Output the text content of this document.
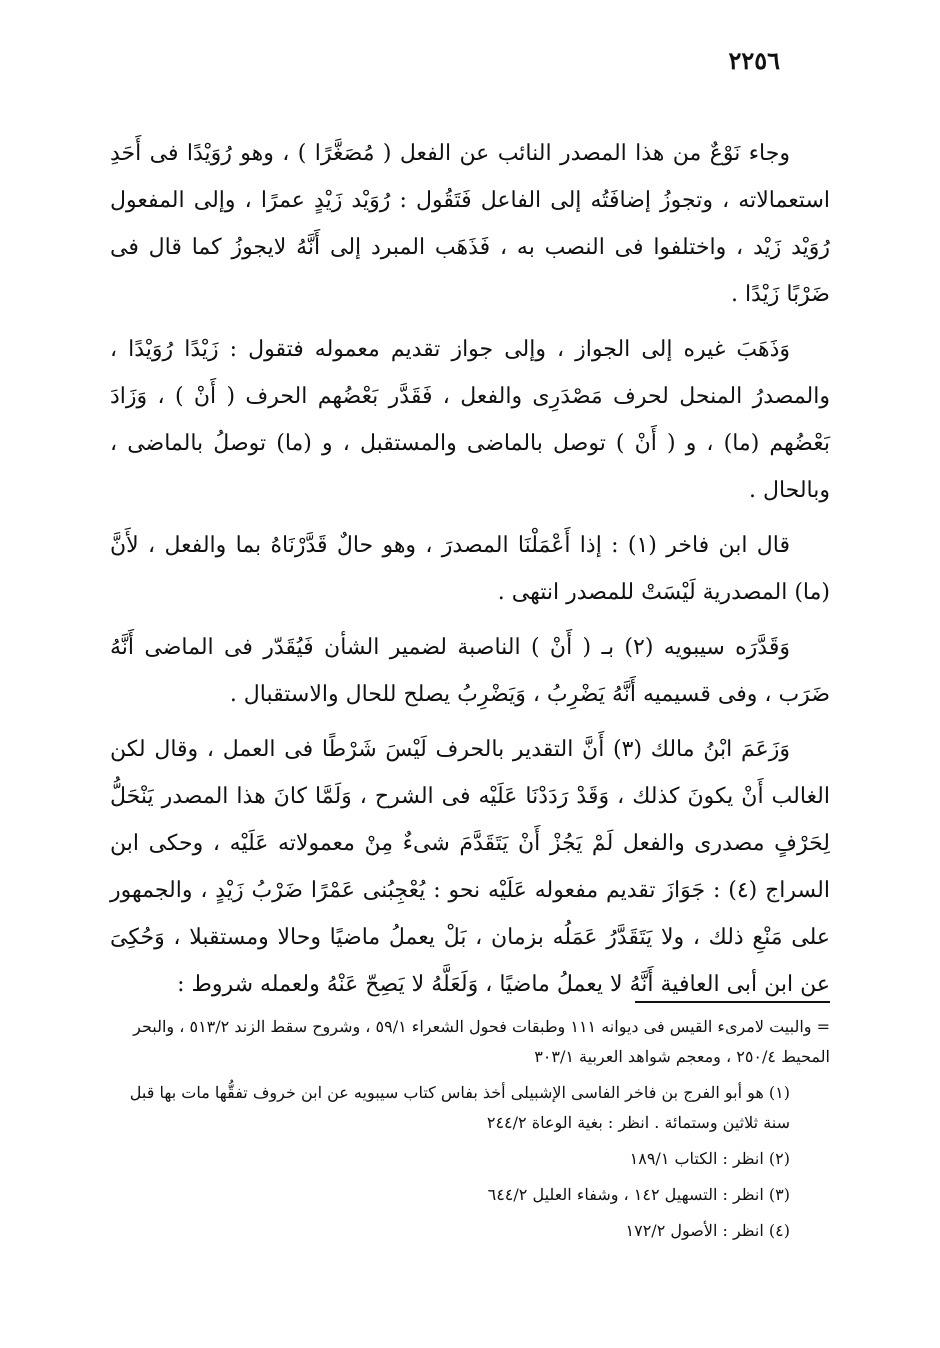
٢٢٥٦

وجاء نَوْعٌ من هذا المصدر النائب عن الفعل ( مُصَغَّرًا ) ، وهو رُوَيْدًا فى أَحَدِ استعمالاته ، وتجوزُ إضافَتُه إلى الفاعل فَتَقُول : رُوَيْد زَيْدٍ عمرًا ، وإلى المفعول رُوَيْد زَيْد ، واختلفوا فى النصب به ، فَذَهَب المبرد إلى أَنَّهُ لايجوزُ كما قال فى ضَرْبًا زَيْدًا .

وَذَهَبَ غيره إلى الجواز ، وإلى جواز تقديم معموله فتقول : زَيْدًا رُوَيْدًا ، والمصدرُ المنحل لحرف مَصْدَرِى والفعل ، فَقَدَّر بَعْضُهم الحرف ( أَنْ ) ، وَزَادَ بَعْضُهم (ما) ، و ( أَنْ ) توصل بالماضى والمستقبل ، و (ما) توصلُ بالماضى ، وبالحال .

قال ابن فاخر (١) : إذا أَعْمَلْنَا المصدرَ ، وهو حالٌ قَدَّرْنَاهُ بما والفعل ، لأَنَّ (ما) المصدرية لَيْسَتْ للمصدر انتهى .

وَقَدَّرَه سيبويه (٢) بـ ( أَنْ ) الناصبة لضمير الشأن فَيُقَدّر فى الماضى أَنَّهُ ضَرَب ، وفى قسيميه أَنَّهُ يَضْرِبُ ، وَيَضْرِبُ يصلح للحال والاستقبال .

وَزَعَمَ ابْنُ مالك (٣) أَنَّ التقدير بالحرف لَيْسَ شَرْطًا فى العمل ، وقال لكن الغالب أَنْ يكونَ كذلك ، وَقَدْ رَدَدْنَا عَلَيْه فى الشرح ، وَلَمَّا كانَ هذا المصدر يَنْحَلُّ لِحَرْفٍ مصدرى والفعل لَمْ يَجُزْ أَنْ يَتَقَدَّمَ شىءٌ مِنْ معمولاته عَلَيْه ، وحكى ابن السراج (٤) : جَوَازَ تقديم مفعوله عَلَيْه نحو : يُعْجِبُنى عَمْرًا ضَرْبُ زَيْدٍ ، والجمهور على مَنْعِ ذلك ، ولا يَتَقَدَّرُ عَمَلُه بزمان ، بَلْ يعملُ ماضيًا وحالا ومستقبلا ، وَحُكِىَ عن ابن أبى العافية أَنَّهُ لا يعملُ ماضيًا ، وَلَعَلَّهُ لا يَصِحّ عَنْهُ ولعمله شروط :

= والبيت لامرىء القيس فى ديوانه ١١١ وطبقات فحول الشعراء ٥٩/١ ، وشروح سقط الزند ٥١٣/٢ ، والبحر المحيط ٢٥٠/٤ ، ومعجم شواهد العربية ٣٠٣/١

(١) هو أبو الفرج بن فاخر الفاسى الإشبيلى أخذ بفاس كتاب سيبويه عن ابن خروف تفقُّها مات بها قبل سنة ثلاثين وستمائة . انظر : بغية الوعاة ٢٤٤/٢

(٢) انظر : الكتاب ١٨٩/١

(٣) انظر : التسهيل ١٤٢ ، وشفاء العليل ٦٤٤/٢

(٤) انظر : الأصول ١٧٢/٢
